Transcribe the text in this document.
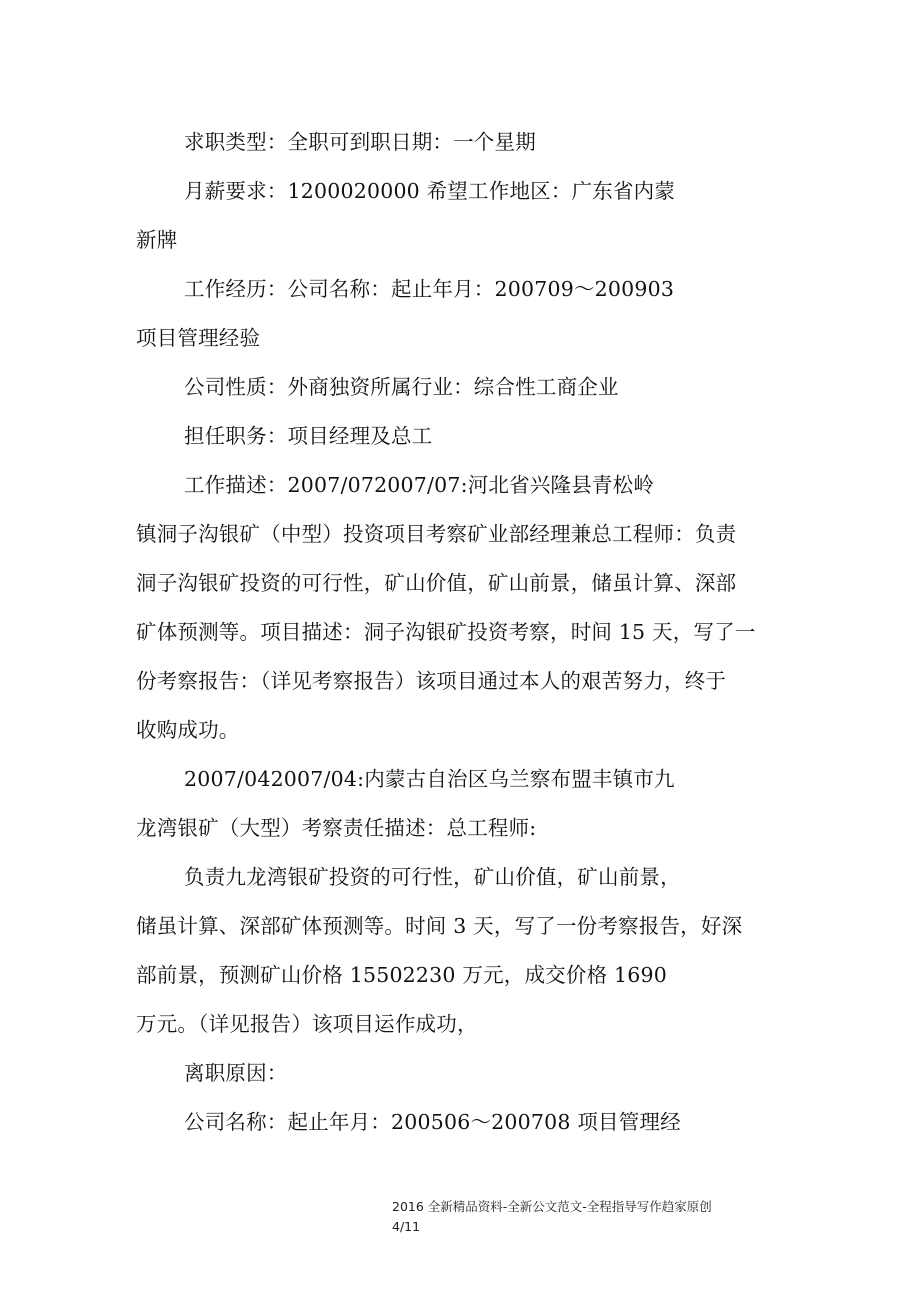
求职类型：全职可到职日期：一个星期
月薪要求：1200020000 希望工作地区：广东省内蒙
新牌
工作经历：公司名称：起止年月：200709～200903
项目管理经验
公司性质：外商独资所属行业：综合性工商企业
担任职务：项目经理及总工
工作描述：2007/072007/07:河北省兴隆县青松岭
镇洞子沟银矿（中型）投资项目考察矿业部经理兼总工程师：负责
洞子沟银矿投资的可行性，矿山价值，矿山前景，储虽计算、深部
矿体预测等。项目描述：洞子沟银矿投资考察，时间 15 天，写了一
份考察报告：（详见考察报告）该项目通过本人的艰苦努力，终于
收购成功。
2007/042007/04:内蒙古自治区乌兰察布盟丰镇市九
龙湾银矿（大型）考察责任描述：总工程师:
负责九龙湾银矿投资的可行性，矿山价值，矿山前景，
储虽计算、深部矿体预测等。时间 3 天，写了一份考察报告，好深
部前景，预测矿山价格 15502230 万元，成交价格 1690
万元。（详见报告）该项目运作成功，
离职原因：
公司名称：起止年月：200506～200708 项目管理经
2016 全新精品资料-全新公文范文-全程指导写作趋家原创
4/11
